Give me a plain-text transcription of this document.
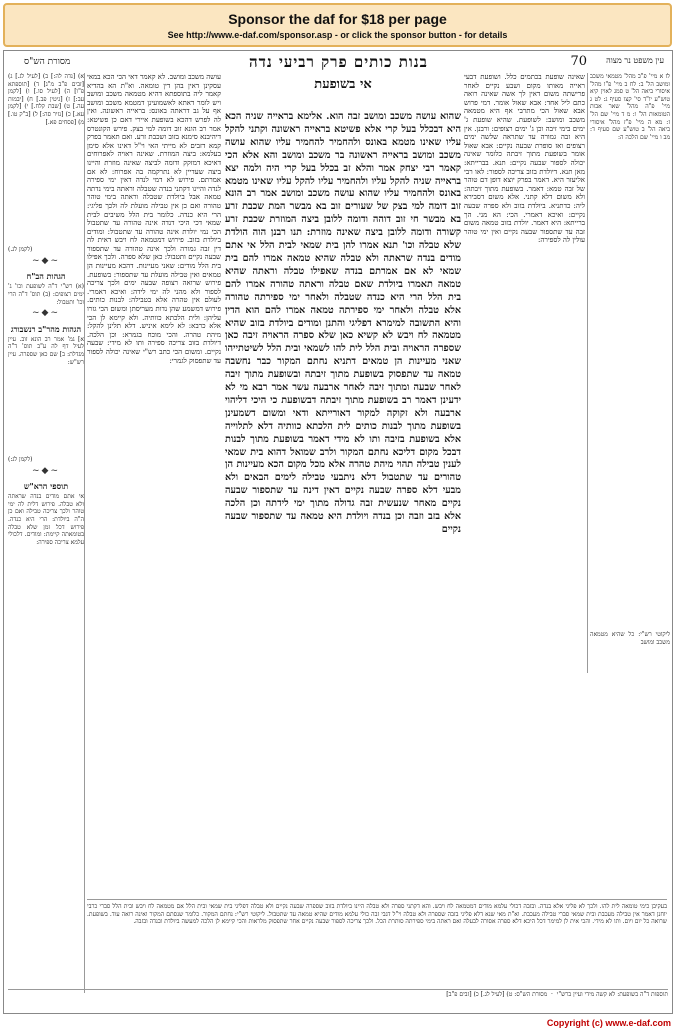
Sponsor the daf for $18 per page
See http://www.e-daf.com/sponsor.asp - or click the sponsor button - for details
עין משפט נר מצוה
70
בנות כותים פרק רביעי נדה
מסורת הש"ס
לז א מיי' פ"ב מהל' מטמאי משכב ומושב הל' ב: לח ב מיי' פ"ו מהל' איסורי ביאה הל' ט סמג לאוין קיא טוש"ע יו"ד סי' קצו סעיף ג: לט ג מיי' פ"ה מהל' שאר אבות הטומאות הל' ו: מ ד מיי' שם הל' ז: מא ה מיי' פ"ז מהל' איסורי ביאה הל' ב טוש"ע שם סעיף ד: מב ו מיי' שם הלכה ה:
ליקוטי רש"י: כל שהיא מטמאה משכב ומושב
שאינה שופעת בכתמים כלל. ושופעת דבעי ראייה מאותו מקום ושבע נקיים לאחר פרישתה משום דאין לך אשה שאינה רואה כתם ליל אחד: אבא שאול אומר. דמי פרוש אבא שאול הכי מתרבי אף היא מטמאה משכב ומושב: לשופעת. שהיא שופעת ג' ימים בימי זיבה וכן ג' ימים רצופים: ורבנן. אין היא זבה גמורה עד שתראה שלשה ימים רצופים ואז סופרת שבעה נקיים: אבא שאול אומר בשופעת מתוך זיבתה כלומר שאינה יכולה לספור שבעה נקיים: תנא. בברייתא: מאן תנא. דיולדת בזוב צריכה לספור: לאו רבי אליעזר היא. דאמר בפרק יוצא דופן דם טוהר של זבה טמא: דאמר. בשופעת מתוך זיבתה: ולא משום דלא קתני. אלא משום דסבירא ליה: כדתניא. ביולדת בזוב ולא ספרה שבעה נקיים: ואיכא דאמרי. הכי: הא מני. הך ברייתא: היא דאמר. יולדת בזוב טמאה משום זבה עד שתספור שבעה נקיים ואין ימי טוהר עולין לה לספירה:
אי בשופעת
שהוא עושה משכב ומושב זבה הוא. אלימא בראייה שניה הכא היא דבכלל בעל קרי אלא פשיטא בראייה ראשונה וקתני להקל עליו שאינו מטמא באונס ולהחמיר להחמיר עליו שהוא עושה משכב ומושב בראייה ראשונה בר משכב ומושב והא אלא הכי קאמר רבי יצחק אמר והלא זב בכלל בעל קרי היה ולמה יצא בראייה שניה להקל עליו ולהחמיר עליו להקל עליו שאינו מטמא באונס ולהחמיר עליו שהוא עושה משכב ומושב אמר רב הונא זוב דומה למי בצק של שעורים זוב בא מבשר המת שכבת זרע בא מבשר חי זוב דוהה ודומה ללובן ביצה המוזרת שכבת זרע קשורה ודומה ללובן ביצה שאינה מוזרת: תנו רבנן הוה הולדת שלא טבלה וכו' תנא אמרו להן בית שמאי לבית הלל אי אתם מודים בנדה שראתה ולא טבלה שהיא טמאה אמרו להם בית שמאי לא אם אמרתם בנדה שאפילו טבלה וראתה שהיא טמאה תאמרו ביולדת שאם טבלה וראתה טהורה אמרו להם בית הלל הרי היא כנדה שטבלה ולאחר ימי ספירתה טהורה אלא טבלה ולאחר ימי ספירתה טמאה אמרו להם הוא הדין והיא התשובה למימרא דפליגי והתנן ומודים ביולדת בזוב שהיא מטמאה לח ויבש לא קשיא כאן שלא ספרה הראויה זיבה כאן שספרה הראויה ובית הלל לית להו לשמאי ובית הלל לשיטתייהו שאני מעיינות הן טמאים דתניא נחתם המקור כבר נחשבה טמאה עד שתפסוק בשופעת מתוך זיבתה ובשופעת מתוך זיבה לאחר שבעה ומתוך זיבה לאחר ארבעה עשר אמר רבא מי לא ידעינן דאמר רב בשופעת מתוך זיבתה דבשופעת כי היכי דליהוי ארבעה ולא זקוקה למקור דאורייתא ודאי ומשום דשמעינן בשופעת מתוך לבנות כותים לית הלכתא כוותיה דלא לתלוייה אלא בשופעת בזיבה ותו לא מידי דאמר בשופעת מתוך לבנות דבכל מקום דליכא נחתם המקור ולרב שמואל דהוא בית שמאי לענין טבילה תהוי מיהת טהרה אלא מכל מקום הכא מעיינות הן טהורים עד שתטבול דלא ניתבעי טבילה לימים הבאים ולא מבעי דלא ספרה שבעה נקיים דאין דינה עד שתספור שבעה נקיים מאחר שנעשית זבה גדולה מתוך ימי לידתה וכן הלכה אלא בזב וזבה וכן בנדה ויולדת היא טמאה עד שתספור שבעה נקיים
עושה משכב ומושב. לא קאמר דאי הכי הכא במאי עסקינן דאין בהן דין טומאה. וא"ת הא בהדיא קאמר ליה בתוספתא דהיא מטמאה משכב ומושב ויש לומר דאתא לאשמועינן דמטמא משכב ומושב אף על גב דראתה באונס: בראייה ראשונה. ואין לה לפרש דהכא בשופעת איירי דאם כן פשיטא: אמר רב הונא זוב דומה למי בצק. פירש הקונטרס דיהיבנא סימנא בזוב ושכבת זרע. ואם תאמר בפרק קמא דזבים לא מייתי האי וי"ל דאינו אלא סימן בעלמא: ביצה המוזרת. שאינה ראויה לאפרוחים דאיכא דמזקק ודומה לביצה שאינה מוזרת והיינו ביצה שעדיין לא נתרקמה בה אפרוח: לא אם אמרתם. פירוש לא דמי לנדה דאין ימי ספירה לנדה והיינו דקתני בנדה שטבלה וראתה בימי נדתה טמאה אבל ביולדת שטבלה וראתה בימי טוהר טהורה ואם כן אין טבילה מועלת לה ולכך פליגי: הרי היא כנדה. כלומר בית הלל משיבים לבית שמאי דכי היכי דנדה אינה טהורה עד שתטבול הכי נמי יולדת אינה טהורה עד שתטבול: ומודים ביולדת בזוב. פירוש דמטמאה לח ויבש דאית לה דין זבה גמורה ולכך אינה טהורה עד שתספור שבעה נקיים ותטבול: כאן שלא ספרה. ולכך אפילו בית הלל מודים: שאני מעיינות. דהכא מעיינות הן טמאים ואין טבילה מועלת עד שתספור: בשופעת. פירוש שרואה רצופה שבעה ימים ולכך צריכה לספור ולא מהני לה ימי לידה: ואיכא דאמרי. לעולם אין טהרה אלא בטבילה: לבנות כותים. פירוש דמשמע שהן נדות מעריסתן ומשום הכי גזרו עליהן: ולית הלכתא כוותיה. ולא קיימא לן הכי אלא כרבא: לא לימא איניש. דלא תלינן להקל: מיהת טהרה. והכי מוכח בגמרא: וכן הלכה. דיולדת בזוב צריכה ספירה ותו לא מידי: שבעה נקיים. ומשום הכי כתב רש"י שאינה יכולה לספור עד שתפסוק לגמרי:
א) [נדה לה:] ב) [לעיל לג.] ג) [זבים פ"ב מ"ג] ד) [תוספתא פ"ו] ה) [לעיל סו.] ו) [לקמן עב:] ז) [גיטין פב.] ח) [יבמות עה.] ט) [שבת קלח.] י) [לקמן עא.] כ) [נזיר סה:] ל) [ב"ק טו.] מ) [פסחים פא.]
(לקמן לג.)
~◆~
הגהות הב"ח
(א) רש"י ד"ה לשופעת וכו' ג' ימים רצופים: (ב) תוס' ד"ה הרי וכו' ותטבול:
~◆~
הגהות מהר"ב רנשבורג
א] גמ' אמר רב הונא זוב. עיין לעיל דף לה ע"ב תוס' ד"ה מגדלת: ב] שם כאן שספרה. עיין רש"ש:
(לקמן לג:)
~◆~
תוספי הרא"ש
אי אתם מודים בנדה שראתה ולא טבלה. פירוש דלית לה ימי טוהר ולכך צריכה טבילה ואם כן ה"ה ביולדת: הרי היא כנדה. פירוש דכל זמן שלא טבלה בטומאתה קיימת: ומודים. דלכולי עלמא צריכה ספירה:
בעקיבן כימי טומאה לית להו. ולכך לא פליגי אלא בנדה. ובזבה דכולי עלמא מודים דמטמאה לח ויבש. והא דקתני ספרה ולא טבלה היינו ביולדת בזוב שספרה שבעה נקיים ולא טבלה דפליגי בית שמאי ובית הלל אם מטמאה לח ויבש ובית הלל סברי כרבי יוחנן דאמר אין טבילה מעכבת ובית שמאי סברי טבילה מעכבת. וא"ת מאי שנא דלא פליגי בזבה שספרה ולא טבלה וי"ל דגבי זבה כולי עלמא מודים שהיא טמאה עד שתטבול. ליקוטי רש"י: נחתם המקור. כלומר שנסתם המקור ואינה רואה עוד. בשופעת. שרואה כל יום ויום. ותו לא מידי. והכי אית לן למימר דכל היכא דלא ספרה אסורה לבעלה ואם ראתה בימי ספירתה סותרת הכל. ולכך צריכה לספור שבעה נקיים אחר שתפסוק מלראות והכי קיימא לן הלכה למעשה ביולדת ובנדה ובזבה.
תוספות ד"ה בשופעת: לא קשה מידי ועיין ברש"י  ·  מסורת הש"ס: ט) [לעיל לג.] כ) [זבים פ"ב]
Copyright (c) www.e-daf.com
